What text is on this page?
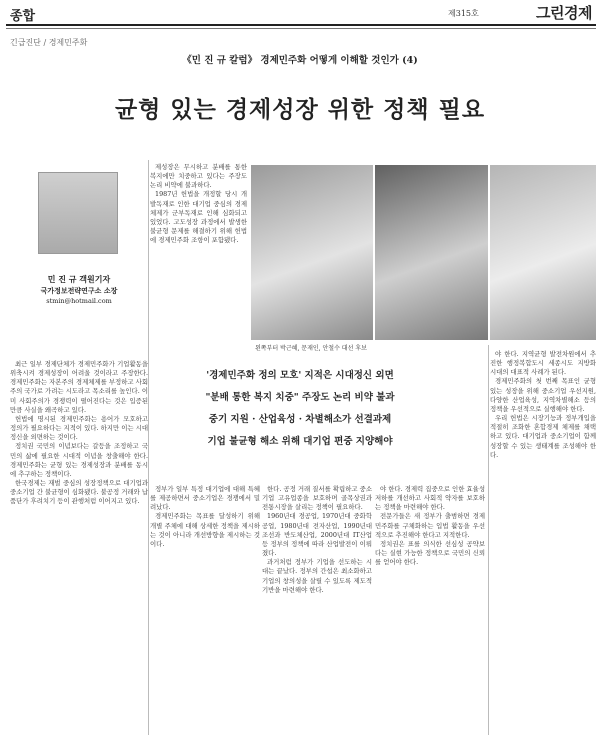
종합	제315호	그린경제
긴급진단 / 경제민주화
《민 진 규 칼럼》 경제민주화 어떻게 이해할 것인가 (4)
균형 있는 경제성장 위한 정책 필요
민 진 규 객원기자
국가정보전략연구소 소장
stmin@hotmail.com

최근 일부 경제단체가 경제민주화가 기업활동을 위축시켜 경제성장이 어려울 것이라고 주장한다. 경제민주화는 자본주의 경제체제를 부정하고 사회주의 국가로 가려는 시도라고 목소리를 높인다. 이미 사회주의가 경쟁력이 떨어진다는 것은 입증된 만큼 사실을 왜곡하고 있다.

헌법에 명시된 경제민주화는 용어가 모호하고 정의가 필요하다는 지적이 있다. 하지만 이는 시대정신을 외면하는 것이다.

정치권 국민의 이념보다는 갈등을 조정하고 국민의 삶에 필요한 시대적 이념을 창출해야 한다. 경제민주화는 균형 있는 경제성장과 분배를 동시에 추구하는 정책이다.

한국경제는 재벌 중심의 성장정책으로 대기업과 중소기업 간 불균형이 심화됐다. 불공정 거래와 납품단가 후려치기 등이 관행처럼 이어지고 있다.

제성장은 무시하고 분배를 통한 복지에만 치중하고 있다는 주장도 논리 비약에 불과하다.

1987년 헌법을 개정할 당시 개발독재로 인한 대기업 중심의 경제체제가 군부독재로 인해 심화되고 있었다. 고도성장 과정에서 발생한 불균형 문제를 해결하기 위해 헌법에 경제민주화 조항이 포함됐다.

왼쪽부터 박근혜, 문재인, 안철수 대선 후보

야 한다. 지역균형 발전차원에서 추진한 행정복합도시 세종시도 지방화 시대의 대표적 사례가 된다.

경제민주화의 첫 번째 목표인 균형 있는 성장을 위해 중소기업 우선지원, 다양한 산업육성, 지역차별해소 등의 정책을 우선적으로 실행해야 한다.

우리 헌법은 시장기능과 정부개입을 적절히 조화한 혼합경제 체제를 채택하고 있다. 대기업과 중소기업이 함께 성장할 수 있는 생태계를 조성해야 한다.

'경제민주화 정의 모호' 지적은 시대정신 외면
"분배 통한 복지 치중" 주장도 논리 비약 불과
중기 지원 · 산업육성 · 차별해소가 선결과제
기업 불균형 해소 위해 대기업 편중 지양해야

정부가 일부 특정 대기업에 대해 특혜를 제공하면서 중소기업은 경쟁에서 밀려났다.

경제민주화는 목표를 달성하기 위해 개별 주체에 대해 상세한 정책을 제시하는 것이 아니라 개선방향을 제시하는 것이다.

한다. 공정 거래 질서를 확립하고 중소기업 고유업종을 보호하며 골목상권과 전통시장을 살리는 정책이 필요하다.

1960년대 경공업, 1970년대 중화학공업, 1980년대 전자산업, 1990년대 조선과 반도체산업, 2000년대 IT산업 등 정부의 정책에 따라 산업발전이 이뤄졌다.

과거처럼 정부가 기업을 선도하는 시대는 끝났다. 정부의 간섭은 최소화하고 기업의 창의성을 살릴 수 있도록 제도적 기반을 마련해야 한다.

야 한다. 경제력 집중으로 인한 효율성 저하를 개선하고 사회적 약자를 보호하는 정책을 마련해야 한다.

전문가들은 새 정부가 출범하면 경제민주화를 구체화하는 입법 활동을 우선적으로 추진해야 한다고 지적한다.

정치권은 표를 의식한 선심성 공약보다는 실현 가능한 정책으로 국민의 신뢰를 얻어야 한다.
